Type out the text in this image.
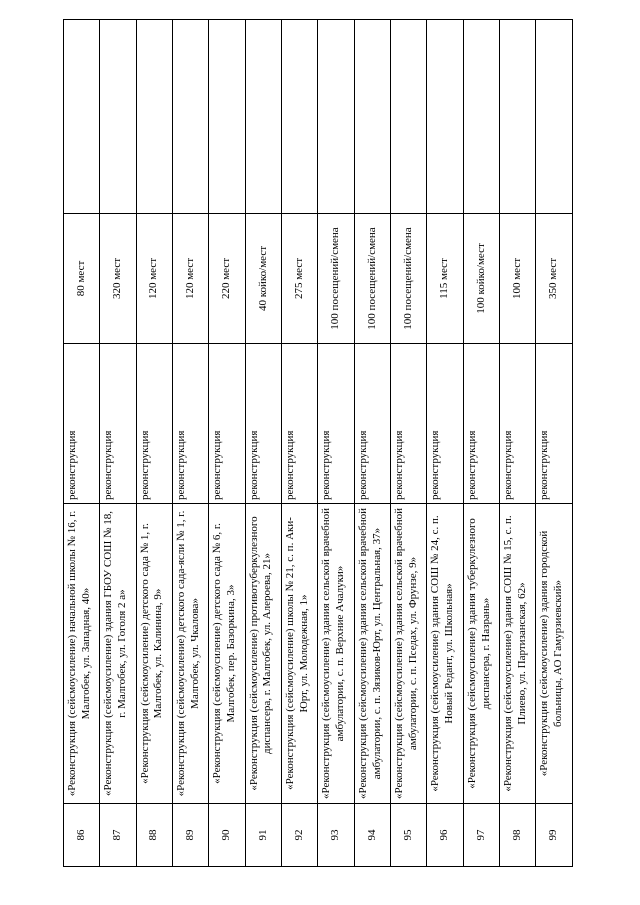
86	«Реконструкция (сейсмоусиление) начальной школы № 16, г. Малгобек, ул. Западная, 40»	реконструкция	80 мест	
87	«Реконструкция (сейсмоусиление) здания ГБОУ СОШ № 18, г. Малгобек, ул. Гоголя 2 а»	реконструкция	320 мест	
88	«Реконструкция (сейсмоусиление) детского сада № 1, г. Малгобек, ул. Калинина, 9»	реконструкция	120 мест	
89	«Реконструкция (сейсмоусиление) детского сада-ясли № 1, г. Малгобек, ул. Чкалова»	реконструкция	120 мест	
90	«Реконструкция (сейсмоусиление) детского сада № 6, г. Малгобек, пер. Базоркина, 3»	реконструкция	220 мест	
91	«Реконструкция (сейсмоусиление) противотуберкулезного диспансера, г. Малгобек, ул. Алероева, 21»	реконструкция	40 койко/мест	
92	«Реконструкция (сейсмоусиление) школы № 21, с. п. Аки-Юрт, ул. Молодежная, 1»	реконструкция	275 мест	
93	«Реконструкция (сейсмоусиление) здания сельской врачебной амбулатории, с. п. Верхние Ачалуки»	реконструкция	100 посещений/смена	
94	«Реконструкция (сейсмоусиление) здания сельской врачебной амбулатории, с. п. Зязиков-Юрт, ул. Центральная, 37»	реконструкция	100 посещений/смена	
95	«Реконструкция (сейсмоусиление) здания сельской врачебной амбулатории, с. п. Пседах, ул. Фрунзе, 9»	реконструкция	100 посещений/смена	
96	«Реконструкция (сейсмоусиление) здания СОШ № 24, с. п. Новый Редант, ул. Школьная»	реконструкция	115 мест	
97	«Реконструкция (сейсмоусиление) здания туберкулезного диспансера, г. Назрань»	реконструкция	100 койко/мест	
98	«Реконструкция (сейсмоусиление) здания СОШ № 15, с. п. Плиево, ул. Партизанская, 62»	реконструкция	100 мест	
99	«Реконструкция (сейсмоусиление) здания городской больницы, АО Гамурзиевский»	реконструкция	350 мест	
